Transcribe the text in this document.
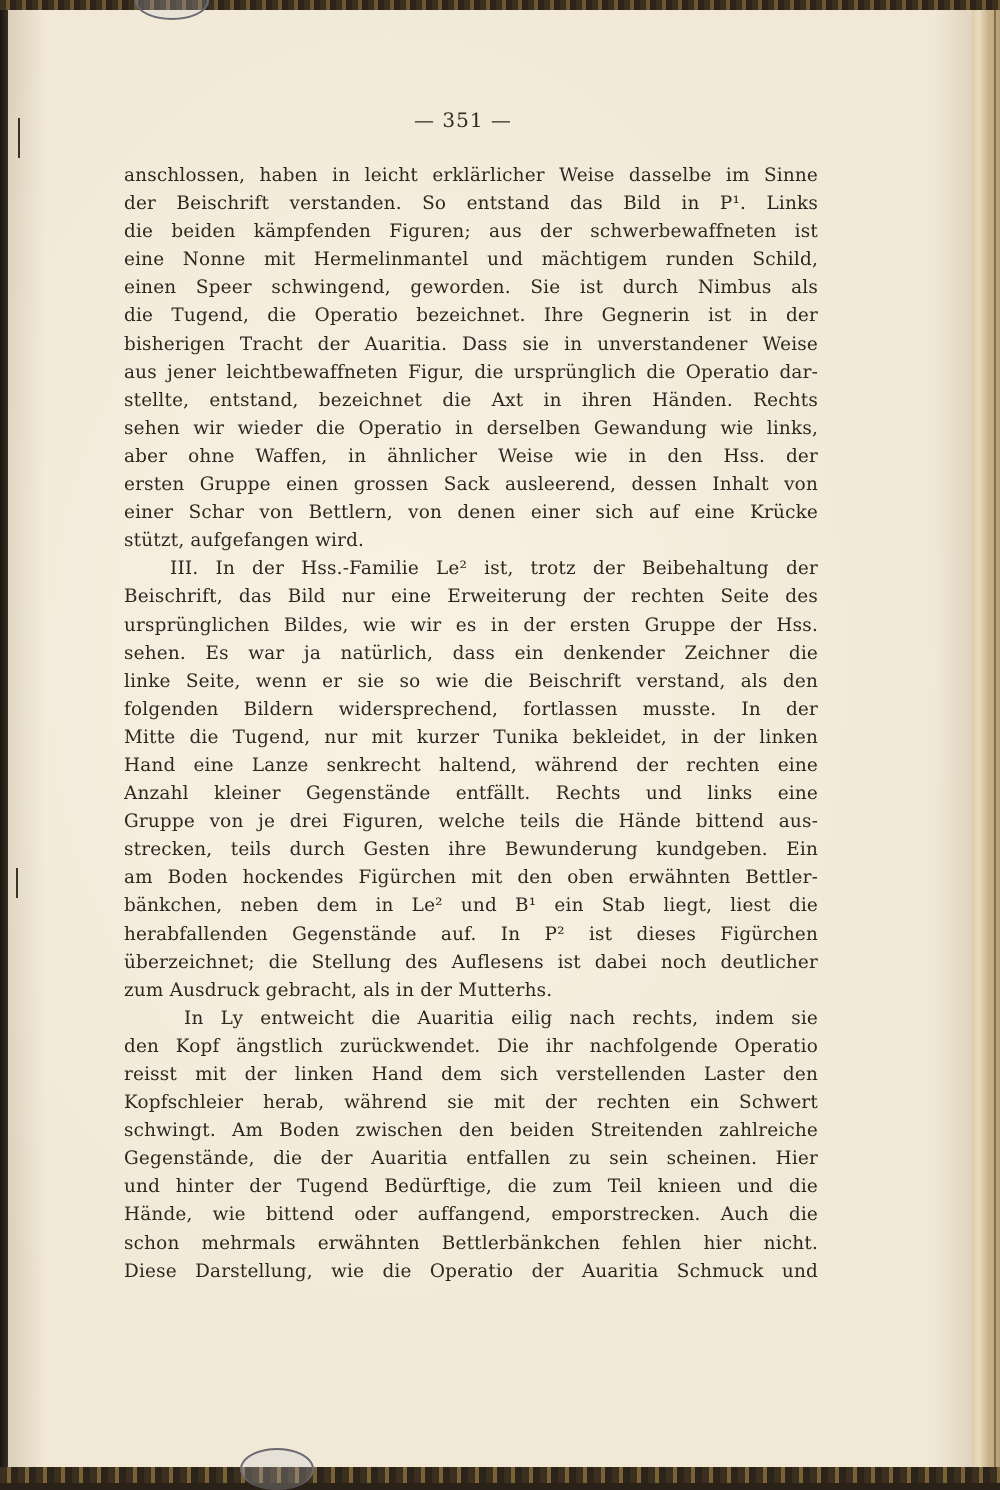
— 351 —
anschlossen, haben in leicht erklärlicher Weise dasselbe im Sinne
der Beischrift verstanden. So entstand das Bild in P¹. Links
die beiden kämpfenden Figuren; aus der schwerbewaffneten ist
eine Nonne mit Hermelinmantel und mächtigem runden Schild,
einen Speer schwingend, geworden. Sie ist durch Nimbus als
die Tugend, die Operatio bezeichnet. Ihre Gegnerin ist in der
bisherigen Tracht der Auaritia. Dass sie in unverstandener Weise
aus jener leichtbewaffneten Figur, die ursprünglich die Operatio dar-
stellte, entstand, bezeichnet die Axt in ihren Händen. Rechts
sehen wir wieder die Operatio in derselben Gewandung wie links,
aber ohne Waffen, in ähnlicher Weise wie in den Hss. der
ersten Gruppe einen grossen Sack ausleerend, dessen Inhalt von
einer Schar von Bettlern, von denen einer sich auf eine Krücke
stützt, aufgefangen wird.
III. In der Hss.-Familie Le² ist, trotz der Beibehaltung der
Beischrift, das Bild nur eine Erweiterung der rechten Seite des
ursprünglichen Bildes, wie wir es in der ersten Gruppe der Hss.
sehen. Es war ja natürlich, dass ein denkender Zeichner die
linke Seite, wenn er sie so wie die Beischrift verstand, als den
folgenden Bildern widersprechend, fortlassen musste. In der
Mitte die Tugend, nur mit kurzer Tunika bekleidet, in der linken
Hand eine Lanze senkrecht haltend, während der rechten eine
Anzahl kleiner Gegenstände entfällt. Rechts und links eine
Gruppe von je drei Figuren, welche teils die Hände bittend aus-
strecken, teils durch Gesten ihre Bewunderung kundgeben. Ein
am Boden hockendes Figürchen mit den oben erwähnten Bettler-
bänkchen, neben dem in Le² und B¹ ein Stab liegt, liest die
herabfallenden Gegenstände auf. In P² ist dieses Figürchen
überzeichnet; die Stellung des Auflesens ist dabei noch deutlicher
zum Ausdruck gebracht, als in der Mutterhs.
In Ly entweicht die Auaritia eilig nach rechts, indem sie
den Kopf ängstlich zurückwendet. Die ihr nachfolgende Operatio
reisst mit der linken Hand dem sich verstellenden Laster den
Kopfschleier herab, während sie mit der rechten ein Schwert
schwingt. Am Boden zwischen den beiden Streitenden zahlreiche
Gegenstände, die der Auaritia entfallen zu sein scheinen. Hier
und hinter der Tugend Bedürftige, die zum Teil knieen und die
Hände, wie bittend oder auffangend, emporstrecken. Auch die
schon mehrmals erwähnten Bettlerbänkchen fehlen hier nicht.
Diese Darstellung, wie die Operatio der Auaritia Schmuck und
